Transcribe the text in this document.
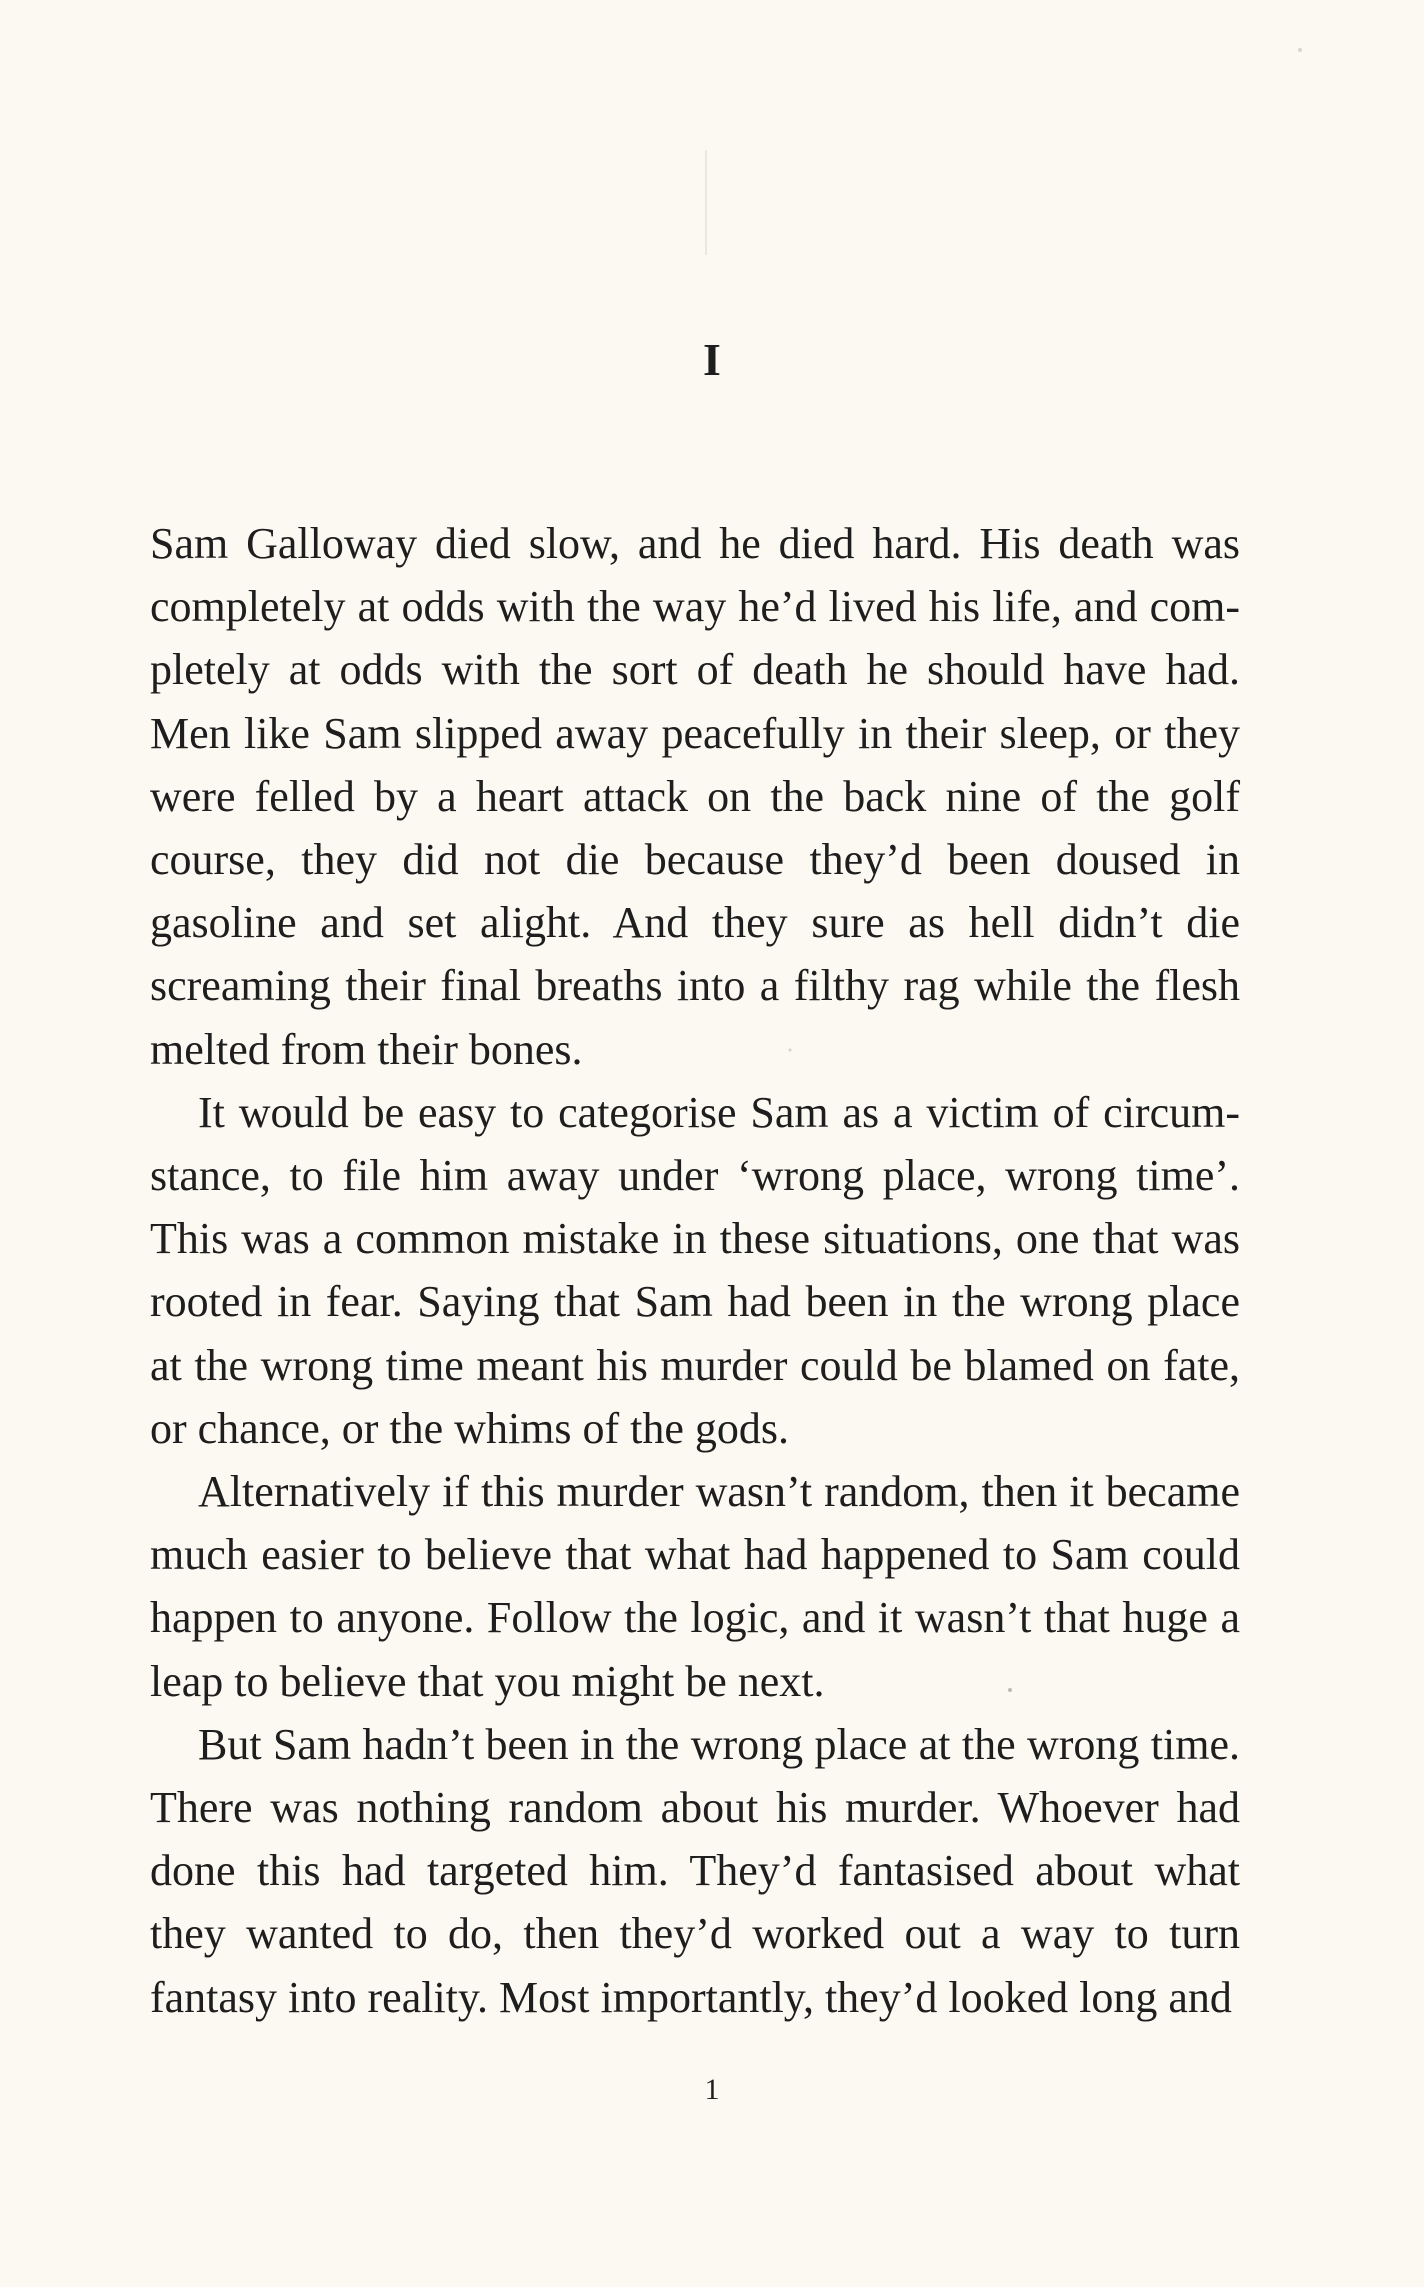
I

Sam Galloway died slow, and he died hard. His death was completely at odds with the way he’d lived his life, and completely at odds with the sort of death he should have had. Men like Sam slipped away peacefully in their sleep, or they were felled by a heart attack on the back nine of the golf course, they did not die because they’d been doused in gasoline and set alight. And they sure as hell didn’t die screaming their final breaths into a filthy rag while the flesh melted from their bones.

It would be easy to categorise Sam as a victim of circumstance, to file him away under ‘wrong place, wrong time’. This was a common mistake in these situations, one that was rooted in fear. Saying that Sam had been in the wrong place at the wrong time meant his murder could be blamed on fate, or chance, or the whims of the gods.

Alternatively if this murder wasn’t random, then it became much easier to believe that what had happened to Sam could happen to anyone. Follow the logic, and it wasn’t that huge a leap to believe that you might be next.

But Sam hadn’t been in the wrong place at the wrong time. There was nothing random about his murder. Whoever had done this had targeted him. They’d fantasised about what they wanted to do, then they’d worked out a way to turn fantasy into reality. Most importantly, they’d looked long and

1
